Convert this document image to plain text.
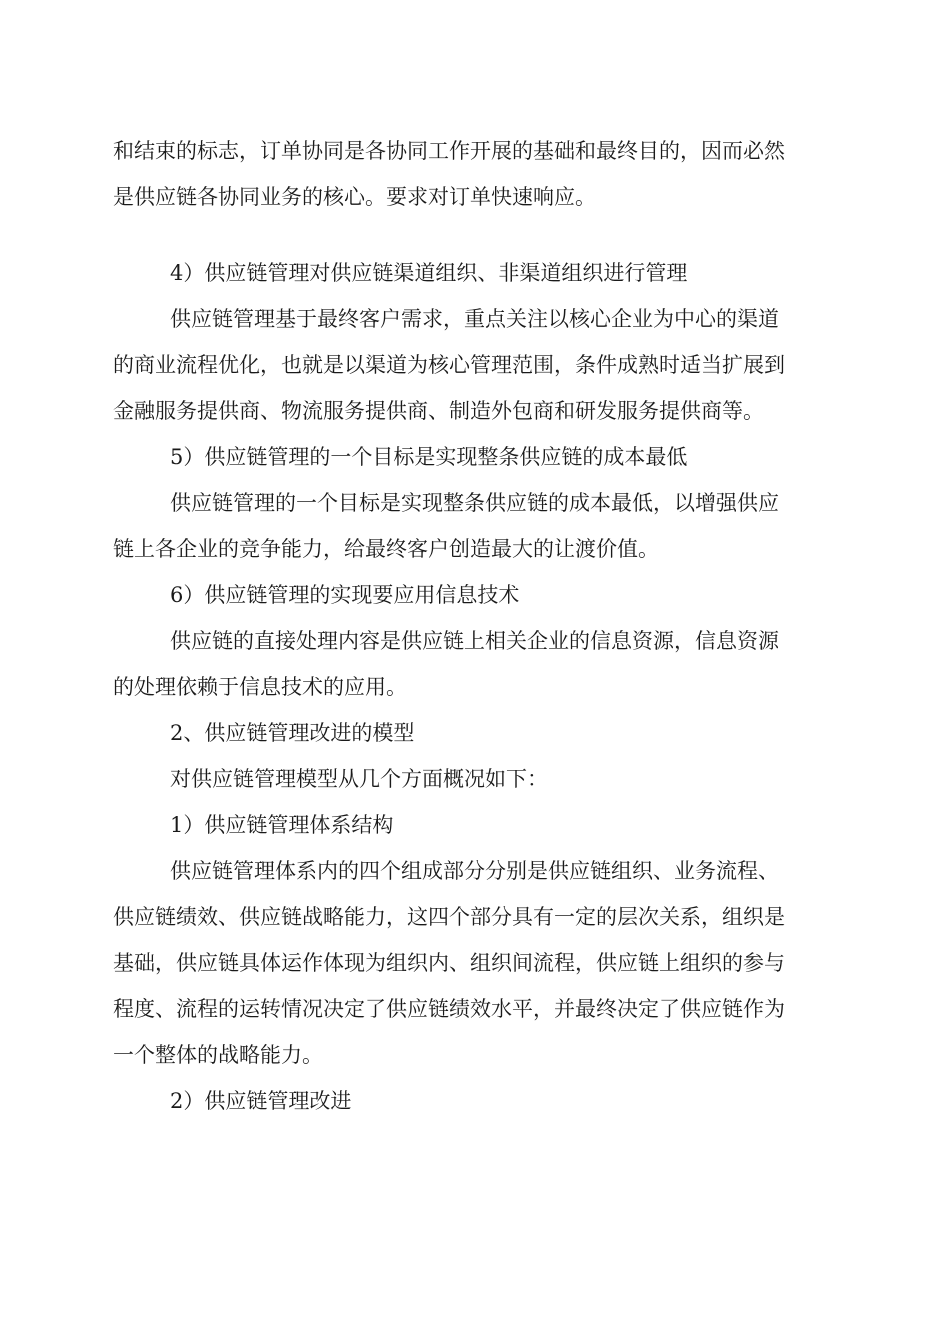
和结束的标志，订单协同是各协同工作开展的基础和最终目的，因而必然
是供应链各协同业务的核心。要求对订单快速响应。
4）供应链管理对供应链渠道组织、非渠道组织进行管理
供应链管理基于最终客户需求，重点关注以核心企业为中心的渠道
的商业流程优化，也就是以渠道为核心管理范围，条件成熟时适当扩展到
金融服务提供商、物流服务提供商、制造外包商和研发服务提供商等。
5）供应链管理的一个目标是实现整条供应链的成本最低
供应链管理的一个目标是实现整条供应链的成本最低，以增强供应
链上各企业的竞争能力，给最终客户创造最大的让渡价值。
6）供应链管理的实现要应用信息技术
供应链的直接处理内容是供应链上相关企业的信息资源，信息资源
的处理依赖于信息技术的应用。
2、供应链管理改进的模型
对供应链管理模型从几个方面概况如下：
1）供应链管理体系结构
供应链管理体系内的四个组成部分分别是供应链组织、业务流程、
供应链绩效、供应链战略能力，这四个部分具有一定的层次关系，组织是
基础，供应链具体运作体现为组织内、组织间流程，供应链上组织的参与
程度、流程的运转情况决定了供应链绩效水平，并最终决定了供应链作为
一个整体的战略能力。
2）供应链管理改进
